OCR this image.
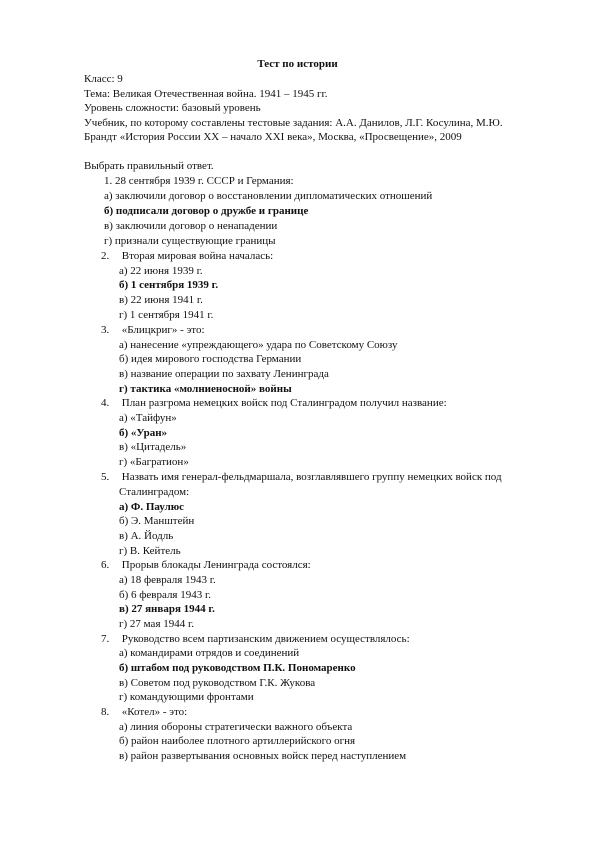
Тест по истории
Класс: 9
Тема: Великая Отечественная война. 1941 – 1945 гг.
Уровень сложности: базовый уровень
Учебник, по которому составлены тестовые задания: А.А. Данилов, Л.Г. Косулина, М.Ю.
Брандт «История России XX – начало XXI века», Москва, «Просвещение», 2009
Выбрать правильный ответ.
1. 28 сентября 1939 г. СССР и Германия:
а) заключили договор о восстановлении дипломатических отношений
б) подписали договор о дружбе и границе
в) заключили договор о ненападении
г) признали существующие границы
2. Вторая мировая война началась:
а) 22 июня 1939 г.
б) 1 сентября 1939 г.
в) 22 июня 1941 г.
г) 1 сентября 1941 г.
3. «Блицкриг» - это:
а) нанесение «упреждающего» удара по Советскому Союзу
б) идея мирового господства Германии
в) название операции по захвату Ленинграда
г) тактика «молниеносной» войны
4. План разгрома немецких войск под Сталинградом получил название:
а) «Тайфун»
б) «Уран»
в) «Цитадель»
г) «Багратион»
5. Назвать имя генерал-фельдмаршала, возглавлявшего группу немецких войск под
Сталинградом:
а) Ф. Паулюс
б) Э. Манштейн
в) А. Йодль
г) В. Кейтель
6. Прорыв блокады Ленинграда состоялся:
а) 18 февраля 1943 г.
б) 6 февраля 1943 г.
в) 27 января 1944 г.
г) 27 мая 1944 г.
7. Руководство всем партизанским движением осуществлялось:
а) командирами отрядов и соединений
б) штабом под руководством П.К. Пономаренко
в) Советом под руководством Г.К. Жукова
г) командующими фронтами
8. «Котел» - это:
а) линия обороны стратегически важного объекта
б) район наиболее плотного артиллерийского огня
в) район развертывания основных войск перед наступлением
